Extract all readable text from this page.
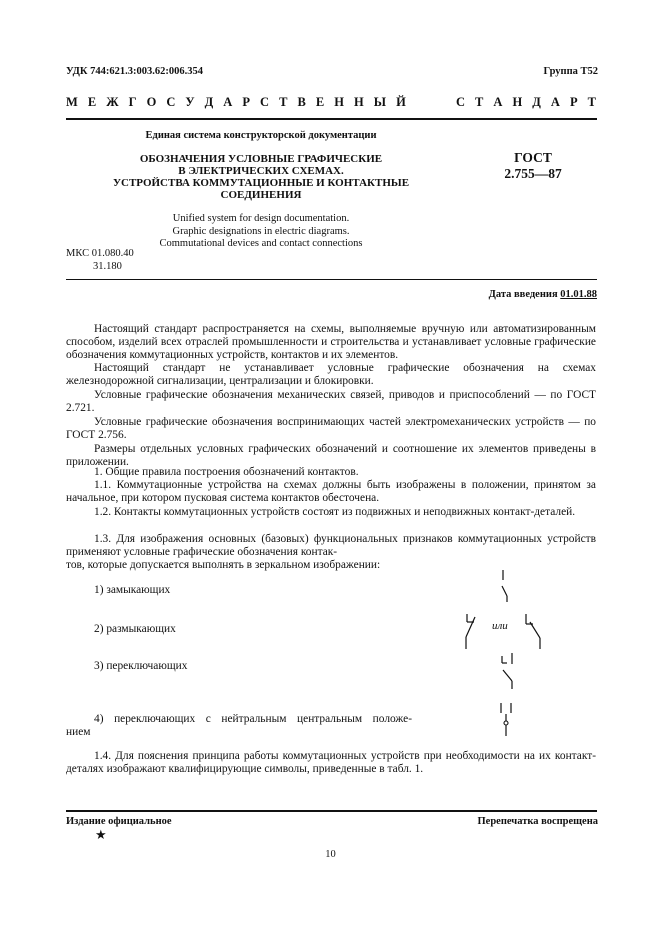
УДК 744:621.3:003.62:006.354	Группа Т52
М Е Ж Г О С У Д А Р С Т В Е Н Н Ы Й     С Т А Н Д А Р Т
Единая система конструкторской документации
ОБОЗНАЧЕНИЯ УСЛОВНЫЕ ГРАФИЧЕСКИЕ
В ЭЛЕКТРИЧЕСКИХ СХЕМАХ.
УСТРОЙСТВА КОММУТАЦИОННЫЕ И КОНТАКТНЫЕ
СОЕДИНЕНИЯ
ГОСТ
2.755—87
Unified system for design documentation.
Graphic designations in electric diagrams.
Commutational devices and contact connections
МКС 01.080.40
31.180
Дата введения 01.01.88
Настоящий стандарт распространяется на схемы, выполняемые вручную или автоматизированным способом, изделий всех отраслей промышленности и строительства и устанавливает условные графические обозначения коммутационных устройств, контактов и их элементов.
Настоящий стандарт не устанавливает условные графические обозначения на схемах железнодорожной сигнализации, централизации и блокировки.
Условные графические обозначения механических связей, приводов и приспособлений — по ГОСТ 2.721.
Условные графические обозначения воспринимающих частей электромеханических устройств — по ГОСТ 2.756.
Размеры отдельных условных графических обозначений и соотношение их элементов приведены в приложении.
1. Общие правила построения обозначений контактов.
1.1. Коммутационные устройства на схемах должны быть изображены в положении, принятом за начальное, при котором пусковая система контактов обесточена.
1.2. Контакты коммутационных устройств состоят из подвижных и неподвижных контакт-деталей.
1.3. Для изображения основных (базовых) функциональных признаков коммутационных устройств применяют условные графические обозначения контак-
тов, которые допускается выполнять в зеркальном изображении:
1) замыкающих
2) размыкающих
3) переключающих
4) переключающих с нейтральным центральным положе-
нием
или
1.4. Для пояснения принципа работы коммутационных устройств при необходимости на их контакт-деталях изображают квалифицирующие символы, приведенные в табл. 1.
Издание официальное
★
Перепечатка воспрещена
10
